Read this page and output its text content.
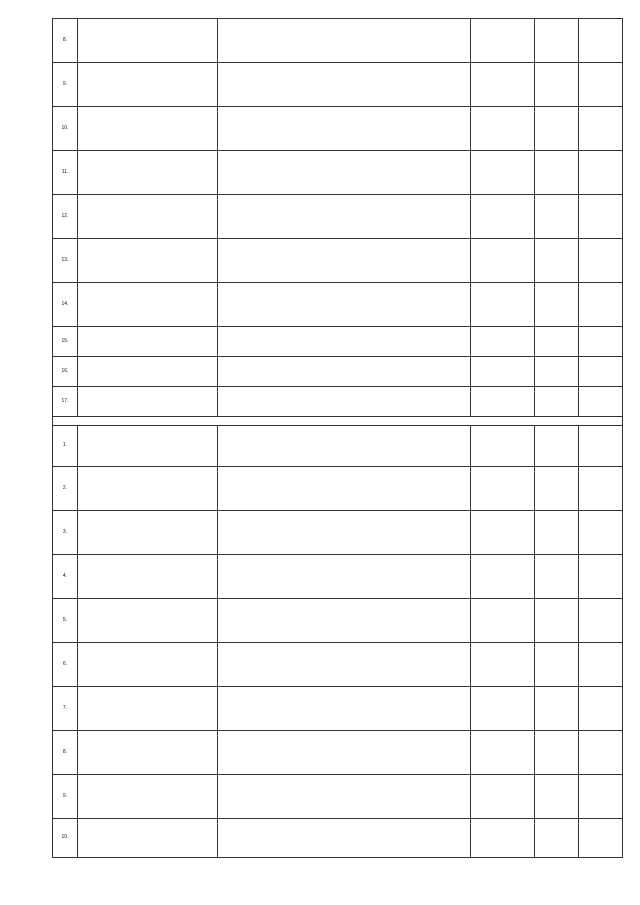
8.					
9.					
10.					
11.					
12.					
13.					
14.					
15.					
16.					
17.					

1.					
2.					
3.					
4.					
5.					
6.					
7.					
8.					
9.					
10.					
